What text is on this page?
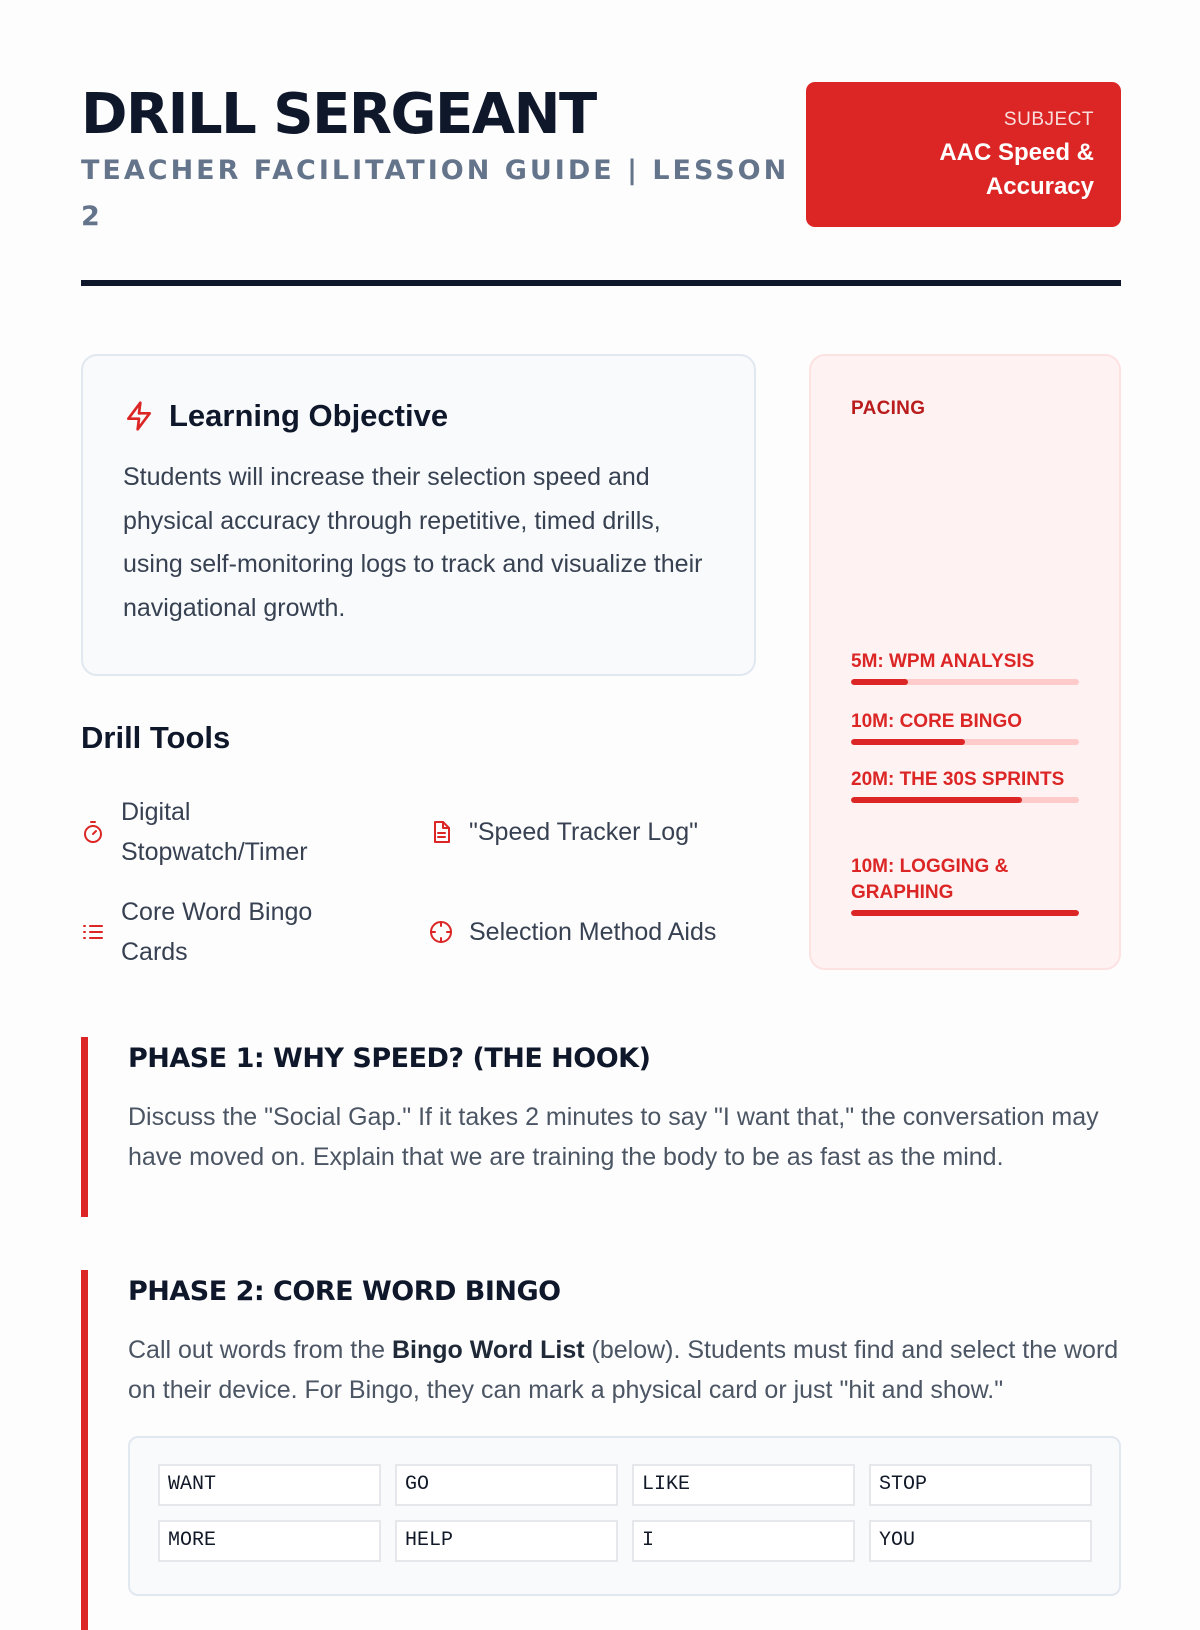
DRILL SERGEANT
TEACHER FACILITATION GUIDE | LESSON 2
SUBJECT
AAC Speed & Accuracy
Learning Objective
Students will increase their selection speed and physical accuracy through repetitive, timed drills, using self-monitoring logs to track and visualize their navigational growth.
PACING
5M: WPM ANALYSIS
10M: CORE BINGO
20M: THE 30S SPRINTS
10M: LOGGING & GRAPHING
Drill Tools
Digital Stopwatch/Timer
"Speed Tracker Log"
Core Word Bingo Cards
Selection Method Aids
PHASE 1: WHY SPEED? (THE HOOK)
Discuss the "Social Gap." If it takes 2 minutes to say "I want that," the conversation may have moved on. Explain that we are training the body to be as fast as the mind.
PHASE 2: CORE WORD BINGO
Call out words from the Bingo Word List (below). Students must find and select the word on their device. For Bingo, they can mark a physical card or just "hit and show."
WANT	GO	LIKE	STOP
MORE	HELP	I	YOU
